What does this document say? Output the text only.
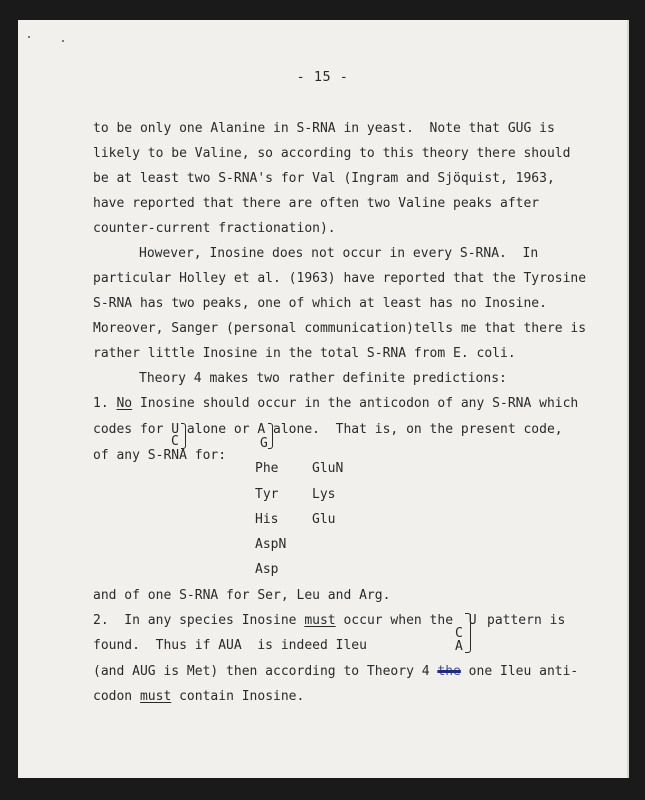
- 15 -
to be only one Alanine in S-RNA in yeast.  Note that GUG is
likely to be Valine, so according to this theory there should
be at least two S-RNA's for Val (Ingram and Sjöquist, 1963,
have reported that there are often two Valine peaks after
counter-current fractionation).
However, Inosine does not occur in every S-RNA.  In
particular Holley et al. (1963) have reported that the Tyrosine
S-RNA has two peaks, one of which at least has no Inosine.
Moreover, Sanger (personal communication)tells me that there is
rather little Inosine in the total S-RNA from E. coli.
Theory 4 makes two rather definite predictions:
1. No Inosine should occur in the anticodon of any S-RNA which
codes for U alone or A alone.  That is, on the present code,
C	G
of any S-RNA for:
Phe
Tyr
His
AspN
Asp
GluN
Lys
Glu
and of one S-RNA for Ser, Leu and Arg.
2.  In any species Inosine must occur when the  U
C
A
pattern is
found.  Thus if AUA  is indeed Ileu
(and AUG is Met) then according to Theory 4 the one Ileu anti-
codon must contain Inosine.
